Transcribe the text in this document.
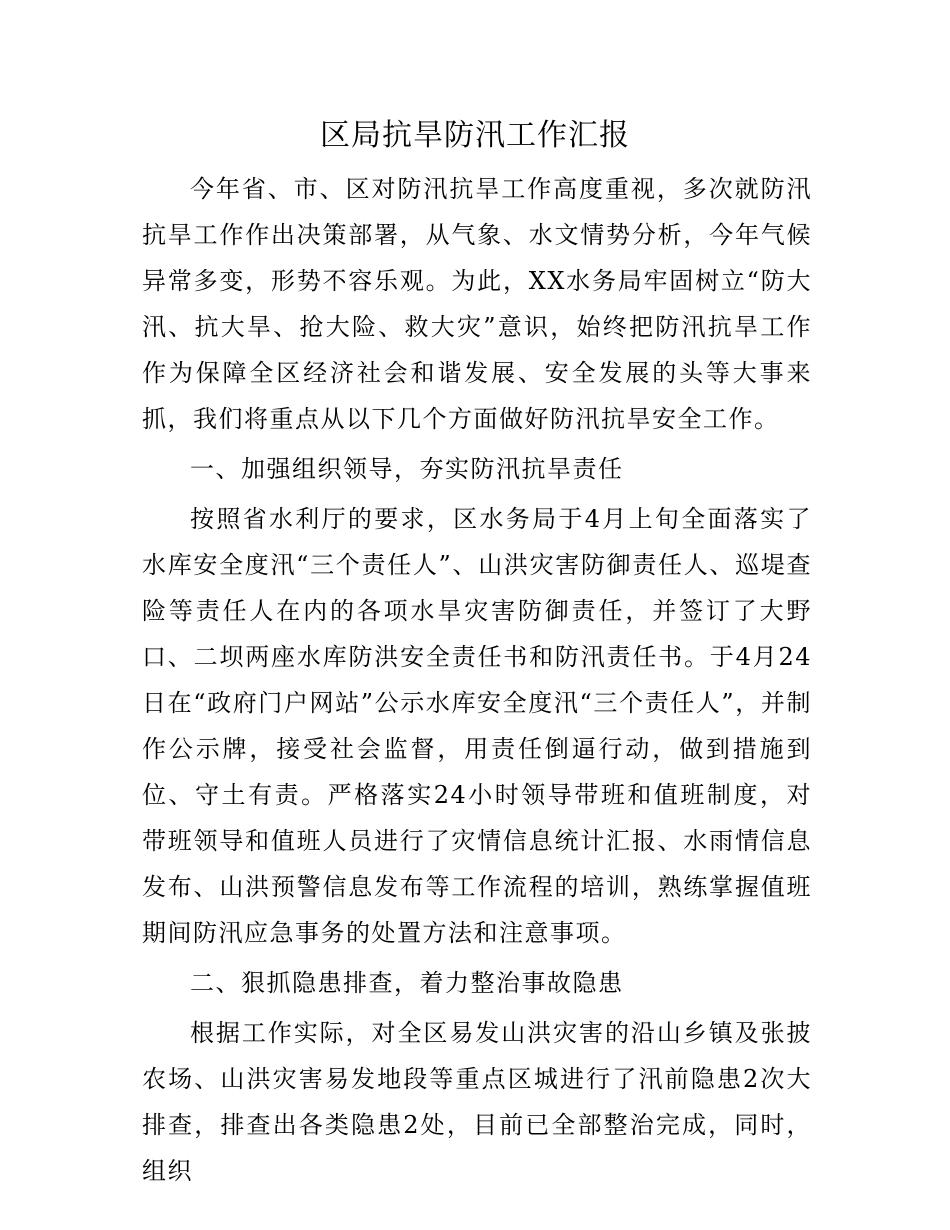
区局抗旱防汛工作汇报

今年省、市、区对防汛抗旱工作高度重视，多次就防汛抗旱工作作出决策部署，从气象、水文情势分析，今年气候异常多变，形势不容乐观。为此，XX水务局牢固树立“防大汛、抗大旱、抢大险、救大灾”意识，始终把防汛抗旱工作作为保障全区经济社会和谐发展、安全发展的头等大事来抓，我们将重点从以下几个方面做好防汛抗旱安全工作。

一、加强组织领导，夯实防汛抗旱责任

按照省水利厅的要求，区水务局于4月上旬全面落实了水库安全度汛“三个责任人”、山洪灾害防御责任人、巡堤查险等责任人在内的各项水旱灾害防御责任，并签订了大野口、二坝两座水库防洪安全责任书和防汛责任书。于4月24日在“政府门户网站”公示水库安全度汛“三个责任人”，并制作公示牌，接受社会监督，用责任倒逼行动，做到措施到位、守土有责。严格落实24小时领导带班和值班制度，对带班领导和值班人员进行了灾情信息统计汇报、水雨情信息发布、山洪预警信息发布等工作流程的培训，熟练掌握值班期间防汛应急事务的处置方法和注意事项。

二、狠抓隐患排查，着力整治事故隐患

根据工作实际，对全区易发山洪灾害的沿山乡镇及张披农场、山洪灾害易发地段等重点区城进行了汛前隐患2次大排查，排查出各类隐患2处，目前已全部整治完成，同时，组织
